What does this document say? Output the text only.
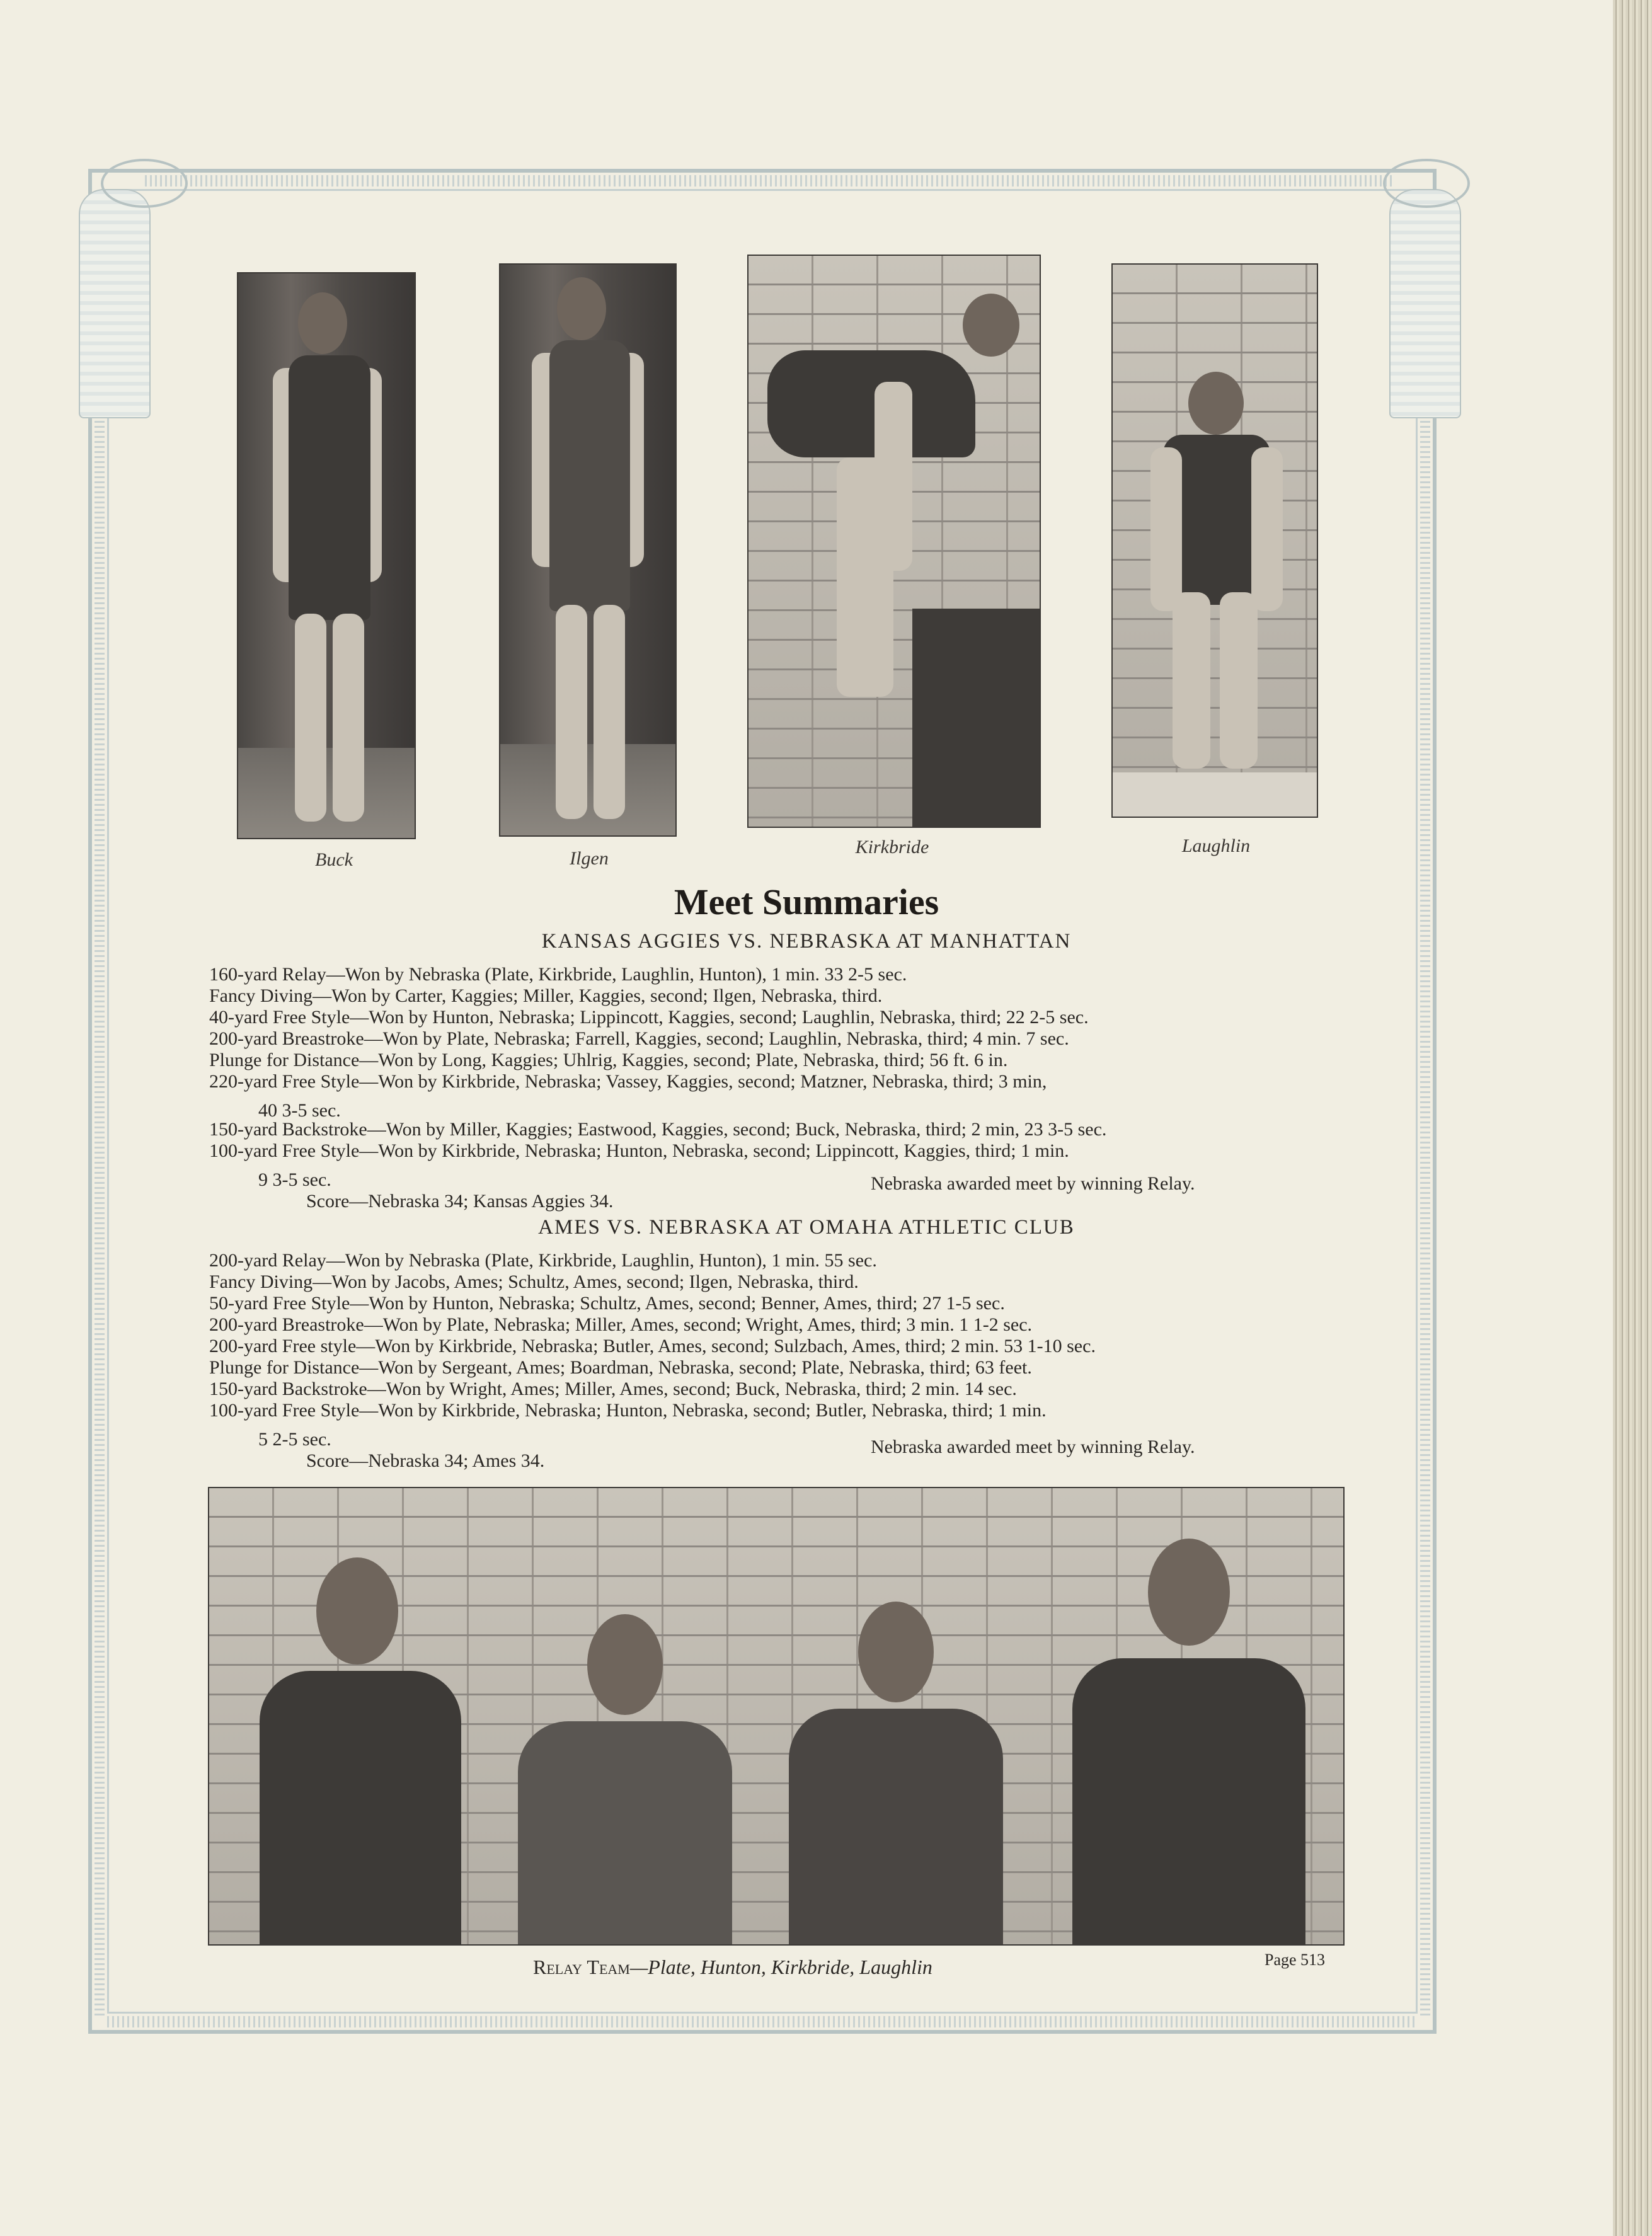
Buck	Ilgen
Kirkbride	Laughlin
Meet Summaries
KANSAS AGGIES VS. NEBRASKA AT MANHATTAN
160-yard Relay—Won by Nebraska (Plate, Kirkbride, Laughlin, Hunton), 1 min. 33 2-5 sec.
Fancy Diving—Won by Carter, Kaggies; Miller, Kaggies, second; Ilgen, Nebraska, third.
40-yard Free Style—Won by Hunton, Nebraska; Lippincott, Kaggies, second; Laughlin, Nebraska, third; 22 2-5 sec.
200-yard Breastroke—Won by Plate, Nebraska; Farrell, Kaggies, second; Laughlin, Nebraska, third; 4 min. 7 sec.
Plunge for Distance—Won by Long, Kaggies; Uhlrig, Kaggies, second; Plate, Nebraska, third; 56 ft. 6 in.
220-yard Free Style—Won by Kirkbride, Nebraska; Vassey, Kaggies, second; Matzner, Nebraska, third; 3 min,
40 3-5 sec.
150-yard Backstroke—Won by Miller, Kaggies; Eastwood, Kaggies, second; Buck, Nebraska, third; 2 min, 23 3-5 sec.
100-yard Free Style—Won by Kirkbride, Nebraska; Hunton, Nebraska, second; Lippincott, Kaggies, third; 1 min.
9 3-5 sec.
Score—Nebraska 34; Kansas Aggies 34.
Nebraska awarded meet by winning Relay.
AMES VS. NEBRASKA AT OMAHA ATHLETIC CLUB
200-yard Relay—Won by Nebraska (Plate, Kirkbride, Laughlin, Hunton), 1 min. 55 sec.
Fancy Diving—Won by Jacobs, Ames; Schultz, Ames, second; Ilgen, Nebraska, third.
50-yard Free Style—Won by Hunton, Nebraska; Schultz, Ames, second; Benner, Ames, third; 27 1-5 sec.
200-yard Breastroke—Won by Plate, Nebraska; Miller, Ames, second; Wright, Ames, third; 3 min. 1 1-2 sec.
200-yard Free style—Won by Kirkbride, Nebraska; Butler, Ames, second; Sulzbach, Ames, third; 2 min. 53 1-10 sec.
Plunge for Distance—Won by Sergeant, Ames; Boardman, Nebraska, second; Plate, Nebraska, third; 63 feet.
150-yard Backstroke—Won by Wright, Ames; Miller, Ames, second; Buck, Nebraska, third; 2 min. 14 sec.
100-yard Free Style—Won by Kirkbride, Nebraska; Hunton, Nebraska, second; Butler, Nebraska, third; 1 min.
5 2-5 sec.
Score—Nebraska 34; Ames 34.
Nebraska awarded meet by winning Relay.
Relay Team—Plate, Hunton, Kirkbride, Laughlin	Page 513
